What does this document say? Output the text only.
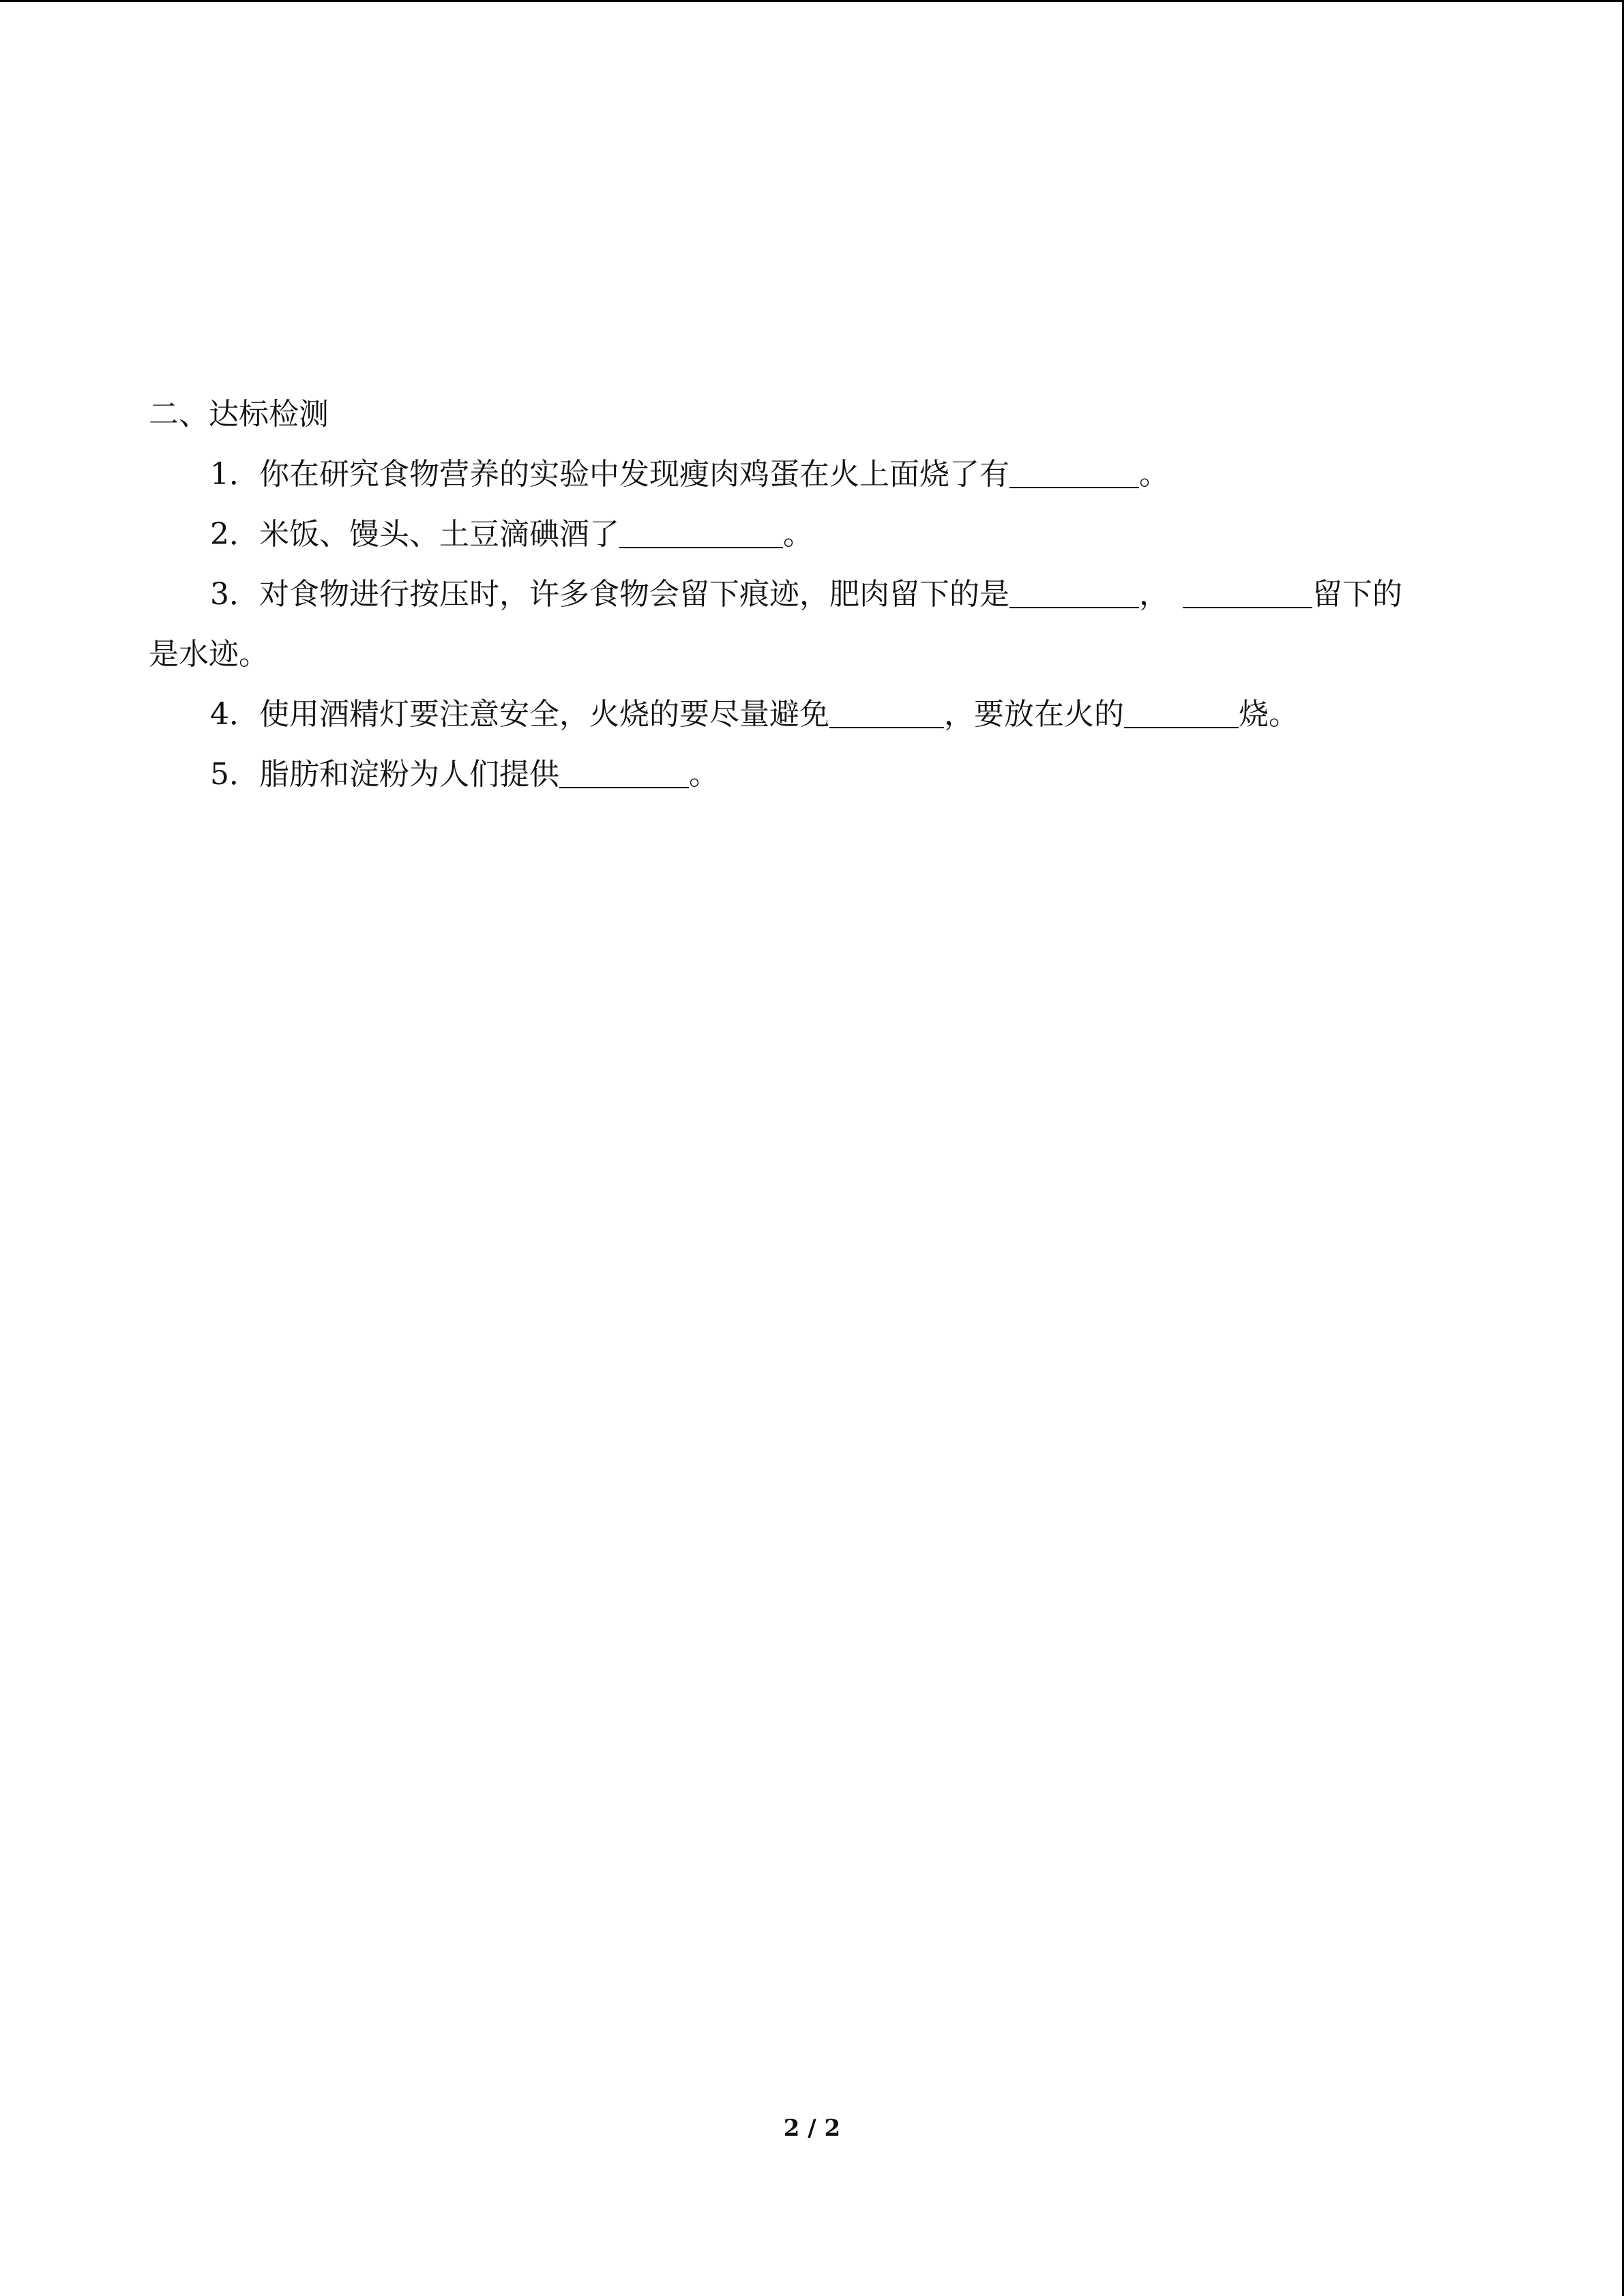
二、达标检测
1．你在研究食物营养的实验中发现瘦肉鸡蛋在火上面烧了有	。
2．米饭、馒头、土豆滴碘酒了	。
3．对食物进行按压时，许多食物会留下痕迹，肥肉留下的是	，	留下的
是水迹。
4．使用酒精灯要注意安全，火烧的要尽量避免	，要放在火的	烧。
5．脂肪和淀粉为人们提供	。
2 / 2
